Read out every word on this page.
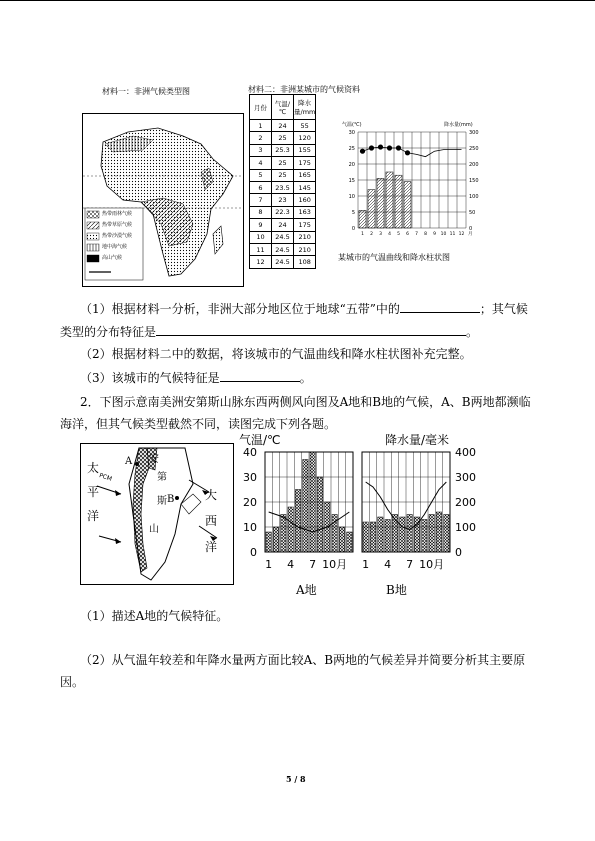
材料一：非洲气候类型图
热带雨林气候
热带草原气候
热带沙漠气候
地中海气候
高山气候
材料二：非洲某城市的气候资料
月份	气温/℃	降水量/mm
1	24	55
2	25	120
3	25.3	155
4	25	175
5	25	165
6	23.5	145
7	23	160
8	22.3	163
9	24	175
10	24.5	210
11	24.5	210
12	24.5	108
气温(℃)	降水量(mm)
0	0
5	50
10	100
15	150
20	200
25	250
30	300
1 2 3 4 5 6 7 8 9 10 11 12 月
某城市的气温曲线和降水柱状图
（1）根据材料一分析，非洲大部分地区位于地球“五带”中的	；其气候
类型的分布特征是	。
（2）根据材料二中的数据，将该城市的气温曲线和降水柱状图补充完整。
（3）该城市的气候特征是	。
2．下图示意南美洲安第斯山脉东西两侧风向图及A地和B地的气候，A、B两地都濒临
海洋，但其气候类型截然不同，读图完成下列各题。
太
平
洋
大
西
洋
安
第
斯
山
A
B
PCM
气温/℃	降水量/毫米
0
10
20
30
40
0
100
200
300
400
1 4 7 10月 1 4 7 10月
A地	B地
（1）描述A地的气候特征。
（2）从气温年较差和年降水量两方面比较A、B两地的气候差异并简要分析其主要原
因。
5 / 8
